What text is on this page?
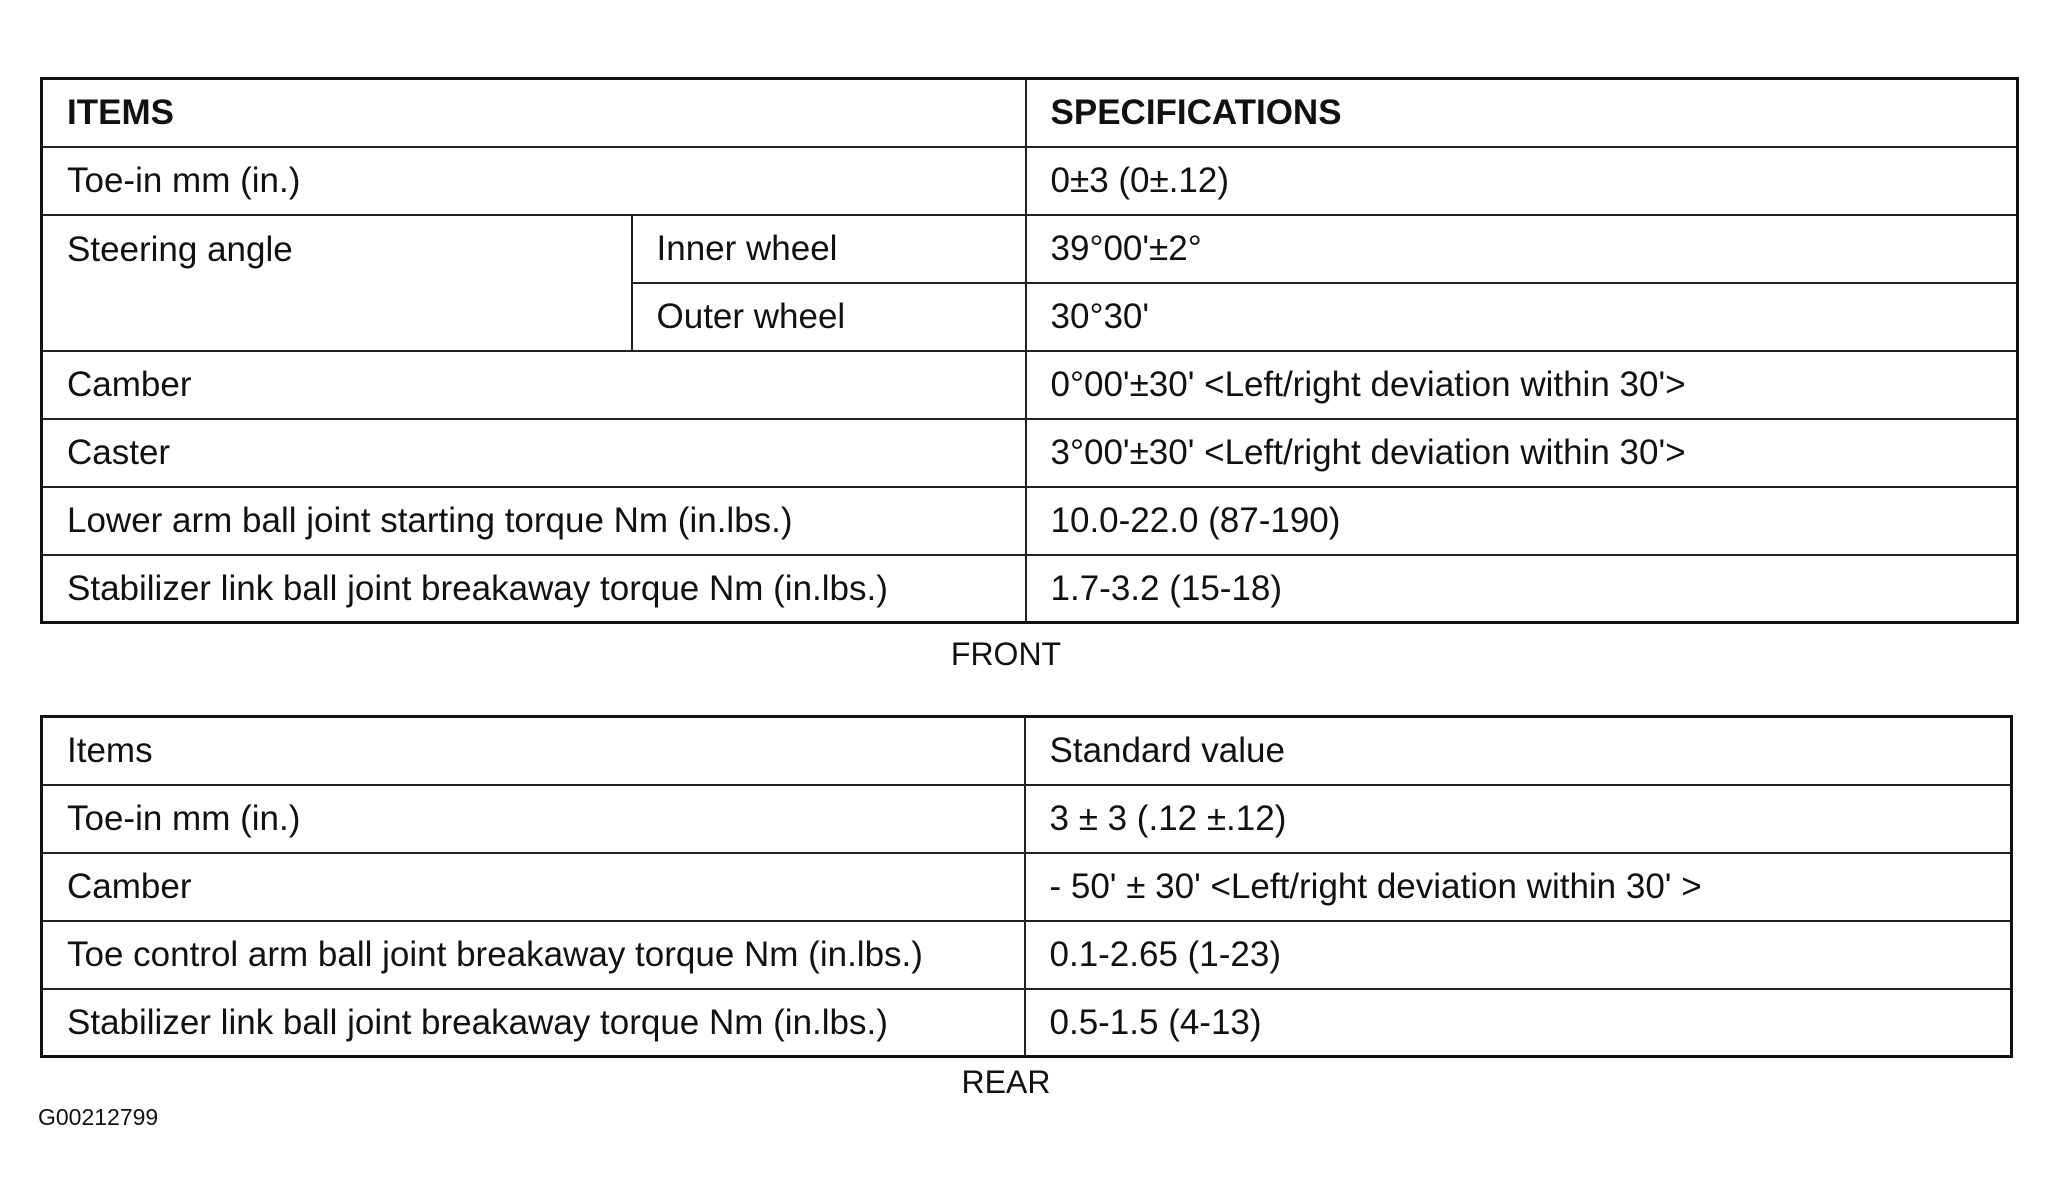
ITEMS		SPECIFICATIONS
Toe-in mm (in.)		0±3 (0±.12)
Steering angle	Inner wheel	39°00'±2°
	Outer wheel	30°30'
Camber		0°00'±30' <Left/right deviation within 30'>
Caster		3°00'±30' <Left/right deviation within 30'>
Lower arm ball joint starting torque Nm (in.lbs.)		10.0-22.0 (87-190)
Stabilizer link ball joint breakaway torque Nm (in.lbs.)		1.7-3.2 (15-18)
FRONT
Items	Standard value
Toe-in mm (in.)	3 ± 3 (.12 ±.12)
Camber	- 50' ± 30' <Left/right deviation within 30' >
Toe control arm ball joint breakaway torque Nm (in.lbs.)	0.1-2.65 (1-23)
Stabilizer link ball joint breakaway torque Nm (in.lbs.)	0.5-1.5 (4-13)
REAR
G00212799
